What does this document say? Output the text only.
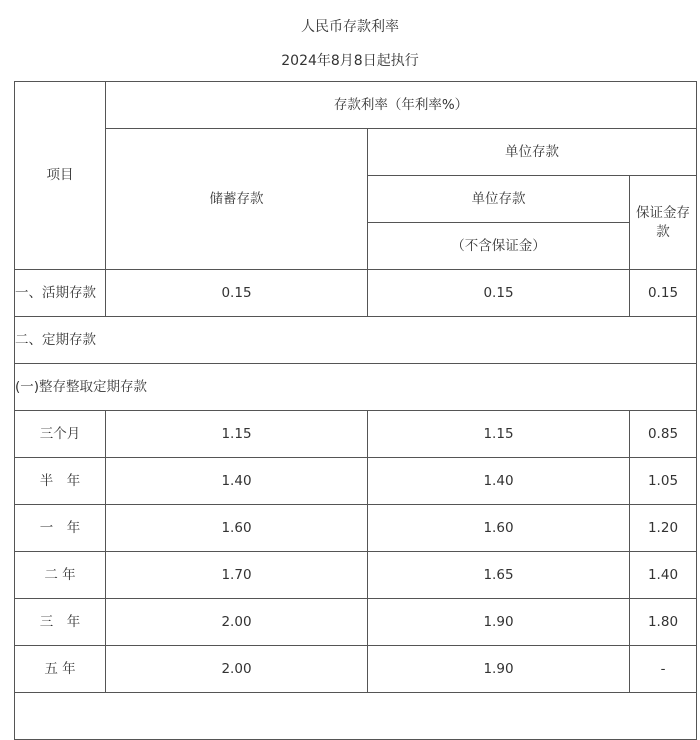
人民币存款利率
2024年8月8日起执行
项目	存款利率（年利率%）		
	储蓄存款	单位存款	
		单位存款	保证金存款
		（不含保证金）	
一、活期存款	0.15	0.15	0.15
二、定期存款			
(一)整存整取定期存款			
三个月	1.15	1.15	0.85
半　年	1.40	1.40	1.05
一　年	1.60	1.60	1.20
二 年	1.70	1.65	1.40
三　年	2.00	1.90	1.80
五 年	2.00	1.90	-
